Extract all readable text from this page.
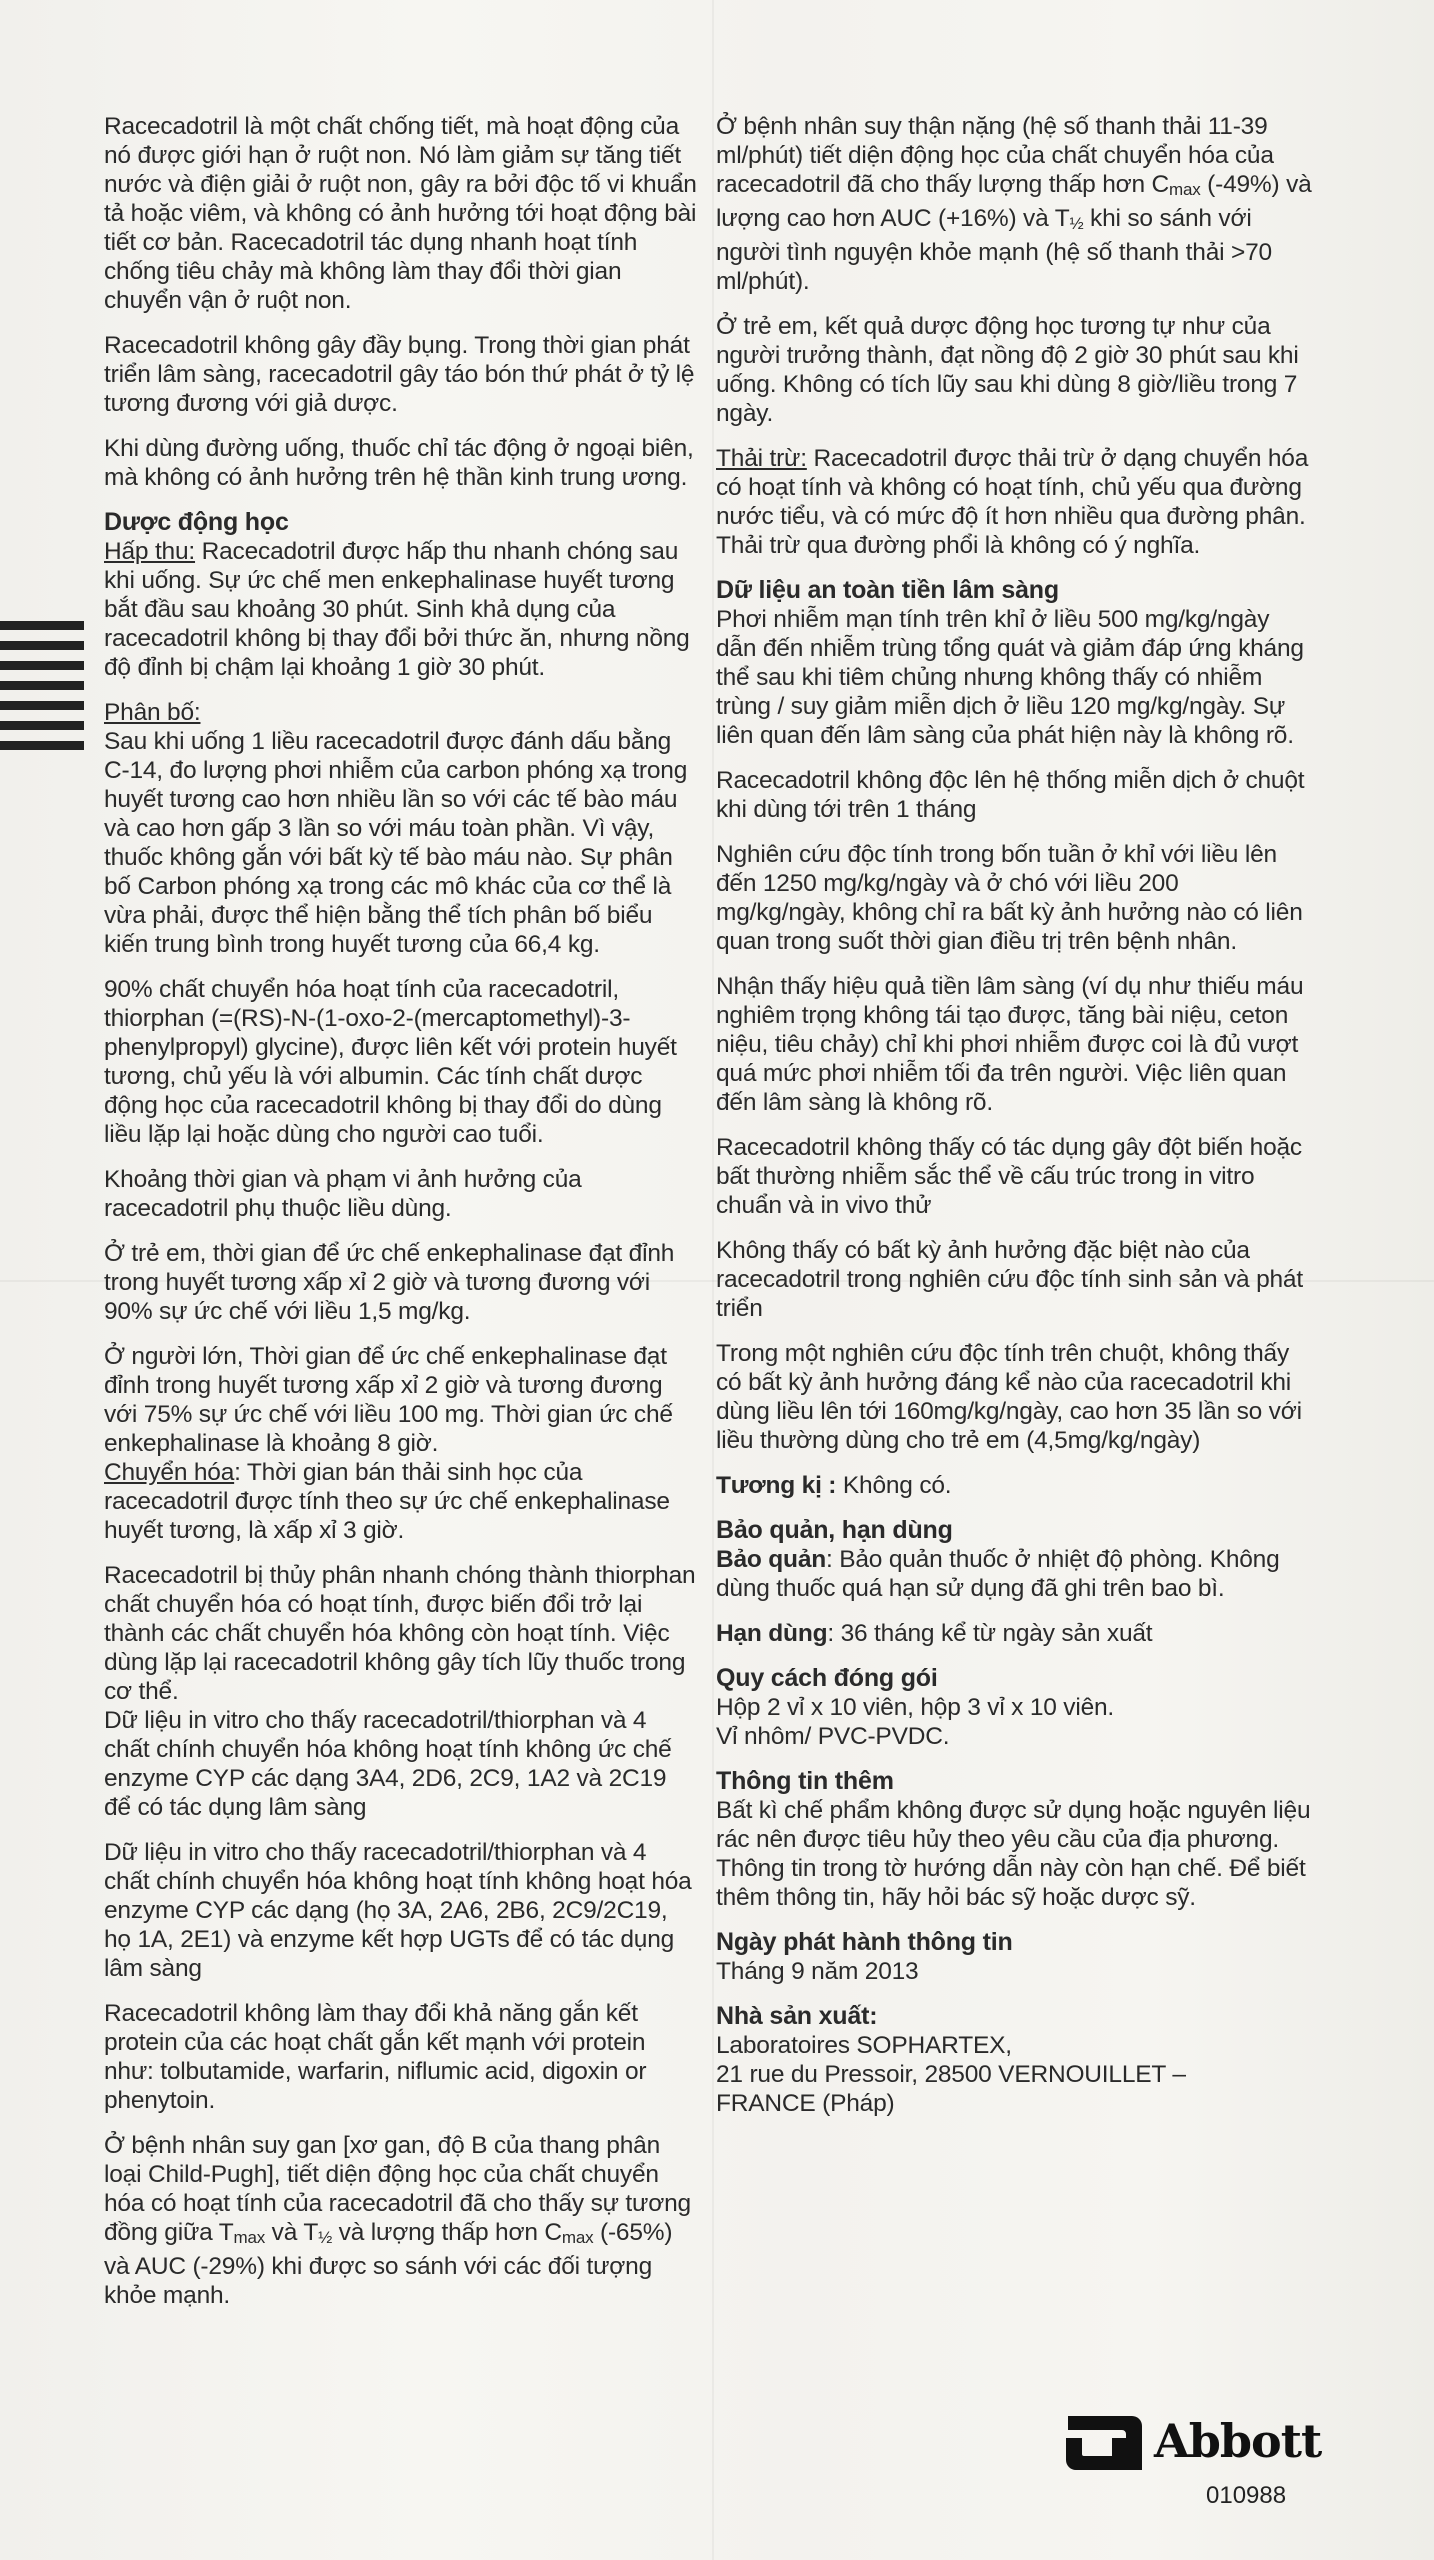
Racecadotril là một chất chống tiết, mà hoạt động của nó được giới hạn ở ruột non. Nó làm giảm sự tăng tiết nước và điện giải ở ruột non, gây ra bởi độc tố vi khuẩn tả hoặc viêm, và không có ảnh hưởng tới hoạt động bài tiết cơ bản. Racecadotril tác dụng nhanh hoạt tính chống tiêu chảy mà không làm thay đổi thời gian chuyển vận ở ruột non.

Racecadotril không gây đầy bụng. Trong thời gian phát triển lâm sàng, racecadotril gây táo bón thứ phát ở tỷ lệ tương đương với giả dược.

Khi dùng đường uống, thuốc chỉ tác động ở ngoại biên, mà không có ảnh hưởng trên hệ thần kinh trung ương.

Dược động học

Hấp thu: Racecadotril được hấp thu nhanh chóng sau khi uống. Sự ức chế men enkephalinase huyết tương bắt đầu sau khoảng 30 phút. Sinh khả dụng của racecadotril không bị thay đổi bởi thức ăn, nhưng nồng độ đỉnh bị chậm lại khoảng 1 giờ 30 phút.

Phân bố:

Sau khi uống 1 liều racecadotril được đánh dấu bằng C-14, đo lượng phơi nhiễm của carbon phóng xạ trong huyết tương cao hơn nhiều lần so với các tế bào máu và cao hơn gấp 3 lần so với máu toàn phần. Vì vậy, thuốc không gắn với bất kỳ tế bào máu nào. Sự phân bố Carbon phóng xạ trong các mô khác của cơ thể là vừa phải, được thể hiện bằng thể tích phân bố biểu kiến trung bình trong huyết tương của 66,4 kg.

90% chất chuyển hóa hoạt tính của racecadotril, thiorphan (=(RS)-N-(1-oxo-2-(mercaptomethyl)-3-phenylpropyl) glycine), được liên kết với protein huyết tương, chủ yếu là với albumin. Các tính chất dược động học của racecadotril không bị thay đổi do dùng liều lặp lại hoặc dùng cho người cao tuổi.

Khoảng thời gian và phạm vi ảnh hưởng của racecadotril phụ thuộc liều dùng.

Ở trẻ em, thời gian để ức chế enkephalinase đạt đỉnh trong huyết tương xấp xỉ 2 giờ và tương đương với 90% sự ức chế với liều 1,5 mg/kg.

Ở người lớn, Thời gian để ức chế enkephalinase đạt đỉnh trong huyết tương xấp xỉ 2 giờ và tương đương với 75% sự ức chế với liều 100 mg. Thời gian ức chế enkephalinase là khoảng 8 giờ.

Chuyển hóa: Thời gian bán thải sinh học của racecadotril được tính theo sự ức chế enkephalinase huyết tương, là xấp xỉ 3 giờ.

Racecadotril bị thủy phân nhanh chóng thành thiorphan chất chuyển hóa có hoạt tính, được biến đổi trở lại thành các chất chuyển hóa không còn hoạt tính. Việc dùng lặp lại racecadotril không gây tích lũy thuốc trong cơ thể.

Dữ liệu in vitro cho thấy racecadotril/thiorphan và 4 chất chính chuyển hóa không hoạt tính không ức chế enzyme CYP các dạng 3A4, 2D6, 2C9, 1A2 và 2C19 để có tác dụng lâm sàng

Dữ liệu in vitro cho thấy racecadotril/thiorphan và 4 chất chính chuyển hóa không hoạt tính không hoạt hóa enzyme CYP các dạng (họ 3A, 2A6, 2B6, 2C9/2C19, họ 1A, 2E1) và enzyme kết hợp UGTs để có tác dụng lâm sàng

Racecadotril không làm thay đổi khả năng gắn kết protein của các hoạt chất gắn kết mạnh với protein như: tolbutamide, warfarin, niflumic acid, digoxin or phenytoin.

Ở bệnh nhân suy gan [xơ gan, độ B của thang phân loại Child-Pugh], tiết diện động học của chất chuyển hóa có hoạt tính của racecadotril đã cho thấy sự tương đồng giữa $T_{max}$ và $T_{\frac{1}{2}}$ và lượng thấp hơn $C_{max}$ (-65%) và AUC (-29%) khi được so sánh với các đối tượng khỏe mạnh.

Ở bệnh nhân suy thận nặng (hệ số thanh thải 11-39 ml/phút) tiết diện động học của chất chuyển hóa của racecadotril đã cho thấy lượng thấp hơn $C_{max}$ (-49%) và lượng cao hơn AUC (+16%) và $T_{\frac{1}{2}}$ khi so sánh với người tình nguyện khỏe mạnh (hệ số thanh thải >70 ml/phút).

Ở trẻ em, kết quả dược động học tương tự như của người trưởng thành, đạt nồng độ 2 giờ 30 phút sau khi uống. Không có tích lũy sau khi dùng 8 giờ/liều trong 7 ngày.

Thải trừ: Racecadotril được thải trừ ở dạng chuyển hóa có hoạt tính và không có hoạt tính, chủ yếu qua đường nước tiểu, và có mức độ ít hơn nhiều qua đường phân. Thải trừ qua đường phổi là không có ý nghĩa.

Dữ liệu an toàn tiền lâm sàng

Phơi nhiễm mạn tính trên khỉ ở liều 500 mg/kg/ngày dẫn đến nhiễm trùng tổng quát và giảm đáp ứng kháng thể sau khi tiêm chủng nhưng không thấy có nhiễm trùng / suy giảm miễn dịch ở liều 120 mg/kg/ngày. Sự liên quan đến lâm sàng của phát hiện này là không rõ.

Racecadotril không độc lên hệ thống miễn dịch ở chuột khi dùng tới trên 1 tháng

Nghiên cứu độc tính trong bốn tuần ở khỉ với liều lên đến 1250 mg/kg/ngày và ở chó với liều 200 mg/kg/ngày, không chỉ ra bất kỳ ảnh hưởng nào có liên quan trong suốt thời gian điều trị trên bệnh nhân.

Nhận thấy hiệu quả tiền lâm sàng (ví dụ như thiếu máu nghiêm trọng không tái tạo được, tăng bài niệu, ceton niệu, tiêu chảy) chỉ khi phơi nhiễm được coi là đủ vượt quá mức phơi nhiễm tối đa trên người. Việc liên quan đến lâm sàng là không rõ.

Racecadotril không thấy có tác dụng gây đột biến hoặc bất thường nhiễm sắc thể về cấu trúc trong in vitro chuẩn và in vivo thử

Không thấy có bất kỳ ảnh hưởng đặc biệt nào của racecadotril trong nghiên cứu độc tính sinh sản và phát triển

Trong một nghiên cứu độc tính trên chuột, không thấy có bất kỳ ảnh hưởng đáng kể nào của racecadotril khi dùng liều lên tới 160mg/kg/ngày, cao hơn 35 lần so với liều thường dùng cho trẻ em (4,5mg/kg/ngày)

Tương kị : Không có.

Bảo quản, hạn dùng

Bảo quản: Bảo quản thuốc ở nhiệt độ phòng. Không dùng thuốc quá hạn sử dụng đã ghi trên bao bì.

Hạn dùng: 36 tháng kể từ ngày sản xuất

Quy cách đóng gói

Hộp 2 vỉ x 10 viên, hộp 3 vỉ x 10 viên.

Vỉ nhôm/ PVC-PVDC.

Thông tin thêm

Bất kì chế phẩm không được sử dụng hoặc nguyên liệu rác nên được tiêu hủy theo yêu cầu của địa phương.

Thông tin trong tờ hướng dẫn này còn hạn chế. Để biết thêm thông tin, hãy hỏi bác sỹ hoặc dược sỹ.

Ngày phát hành thông tin

Tháng 9 năm 2013

Nhà sản xuất:

Laboratoires SOPHARTEX,

21 rue du Pressoir, 28500 VERNOUILLET –

FRANCE (Pháp)

Abbott
010988
